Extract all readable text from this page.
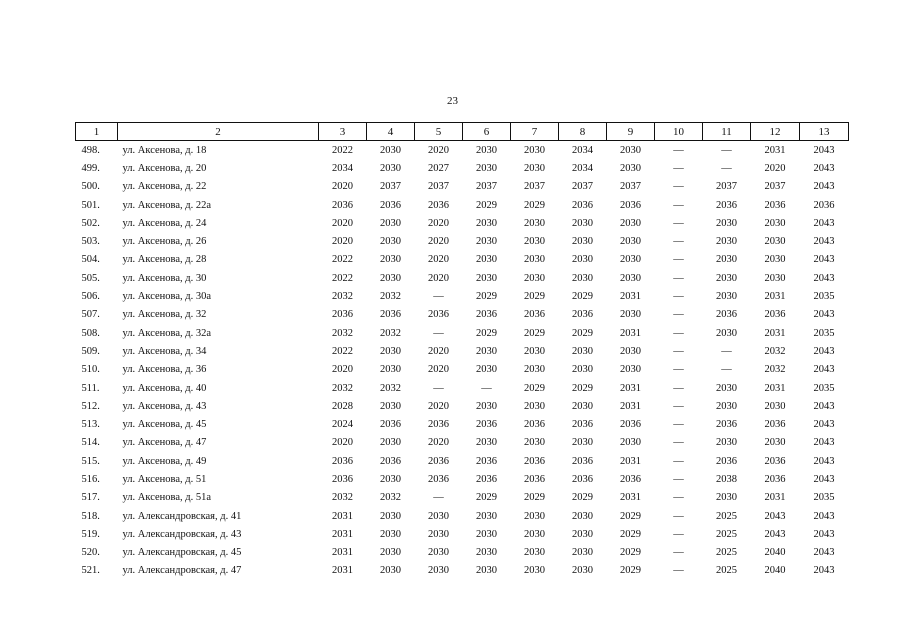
23
1	2	3	4	5	6	7	8	9	10	11	12	13
498.	ул. Аксенова, д. 18	2022	2030	2020	2030	2030	2034	2030	—	—	2031	2043
499.	ул. Аксенова, д. 20	2034	2030	2027	2030	2030	2034	2030	—	—	2020	2043
500.	ул. Аксенова, д. 22	2020	2037	2037	2037	2037	2037	2037	—	2037	2037	2043
501.	ул. Аксенова, д. 22а	2036	2036	2036	2029	2029	2036	2036	—	2036	2036	2036
502.	ул. Аксенова, д. 24	2020	2030	2020	2030	2030	2030	2030	—	2030	2030	2043
503.	ул. Аксенова, д. 26	2020	2030	2020	2030	2030	2030	2030	—	2030	2030	2043
504.	ул. Аксенова, д. 28	2022	2030	2020	2030	2030	2030	2030	—	2030	2030	2043
505.	ул. Аксенова, д. 30	2022	2030	2020	2030	2030	2030	2030	—	2030	2030	2043
506.	ул. Аксенова, д. 30а	2032	2032	—	2029	2029	2029	2031	—	2030	2031	2035
507.	ул. Аксенова, д. 32	2036	2036	2036	2036	2036	2036	2030	—	2036	2036	2043
508.	ул. Аксенова, д. 32а	2032	2032	—	2029	2029	2029	2031	—	2030	2031	2035
509.	ул. Аксенова, д. 34	2022	2030	2020	2030	2030	2030	2030	—	—	2032	2043
510.	ул. Аксенова, д. 36	2020	2030	2020	2030	2030	2030	2030	—	—	2032	2043
511.	ул. Аксенова, д. 40	2032	2032	—	—	2029	2029	2031	—	2030	2031	2035
512.	ул. Аксенова, д. 43	2028	2030	2020	2030	2030	2030	2031	—	2030	2030	2043
513.	ул. Аксенова, д. 45	2024	2036	2036	2036	2036	2036	2036	—	2036	2036	2043
514.	ул. Аксенова, д. 47	2020	2030	2020	2030	2030	2030	2030	—	2030	2030	2043
515.	ул. Аксенова, д. 49	2036	2036	2036	2036	2036	2036	2031	—	2036	2036	2043
516.	ул. Аксенова, д. 51	2036	2030	2036	2036	2036	2036	2036	—	2038	2036	2043
517.	ул. Аксенова, д. 51а	2032	2032	—	2029	2029	2029	2031	—	2030	2031	2035
518.	ул. Александровская, д. 41	2031	2030	2030	2030	2030	2030	2029	—	2025	2043	2043
519.	ул. Александровская, д. 43	2031	2030	2030	2030	2030	2030	2029	—	2025	2043	2043
520.	ул. Александровская, д. 45	2031	2030	2030	2030	2030	2030	2029	—	2025	2040	2043
521.	ул. Александровская, д. 47	2031	2030	2030	2030	2030	2030	2029	—	2025	2040	2043
